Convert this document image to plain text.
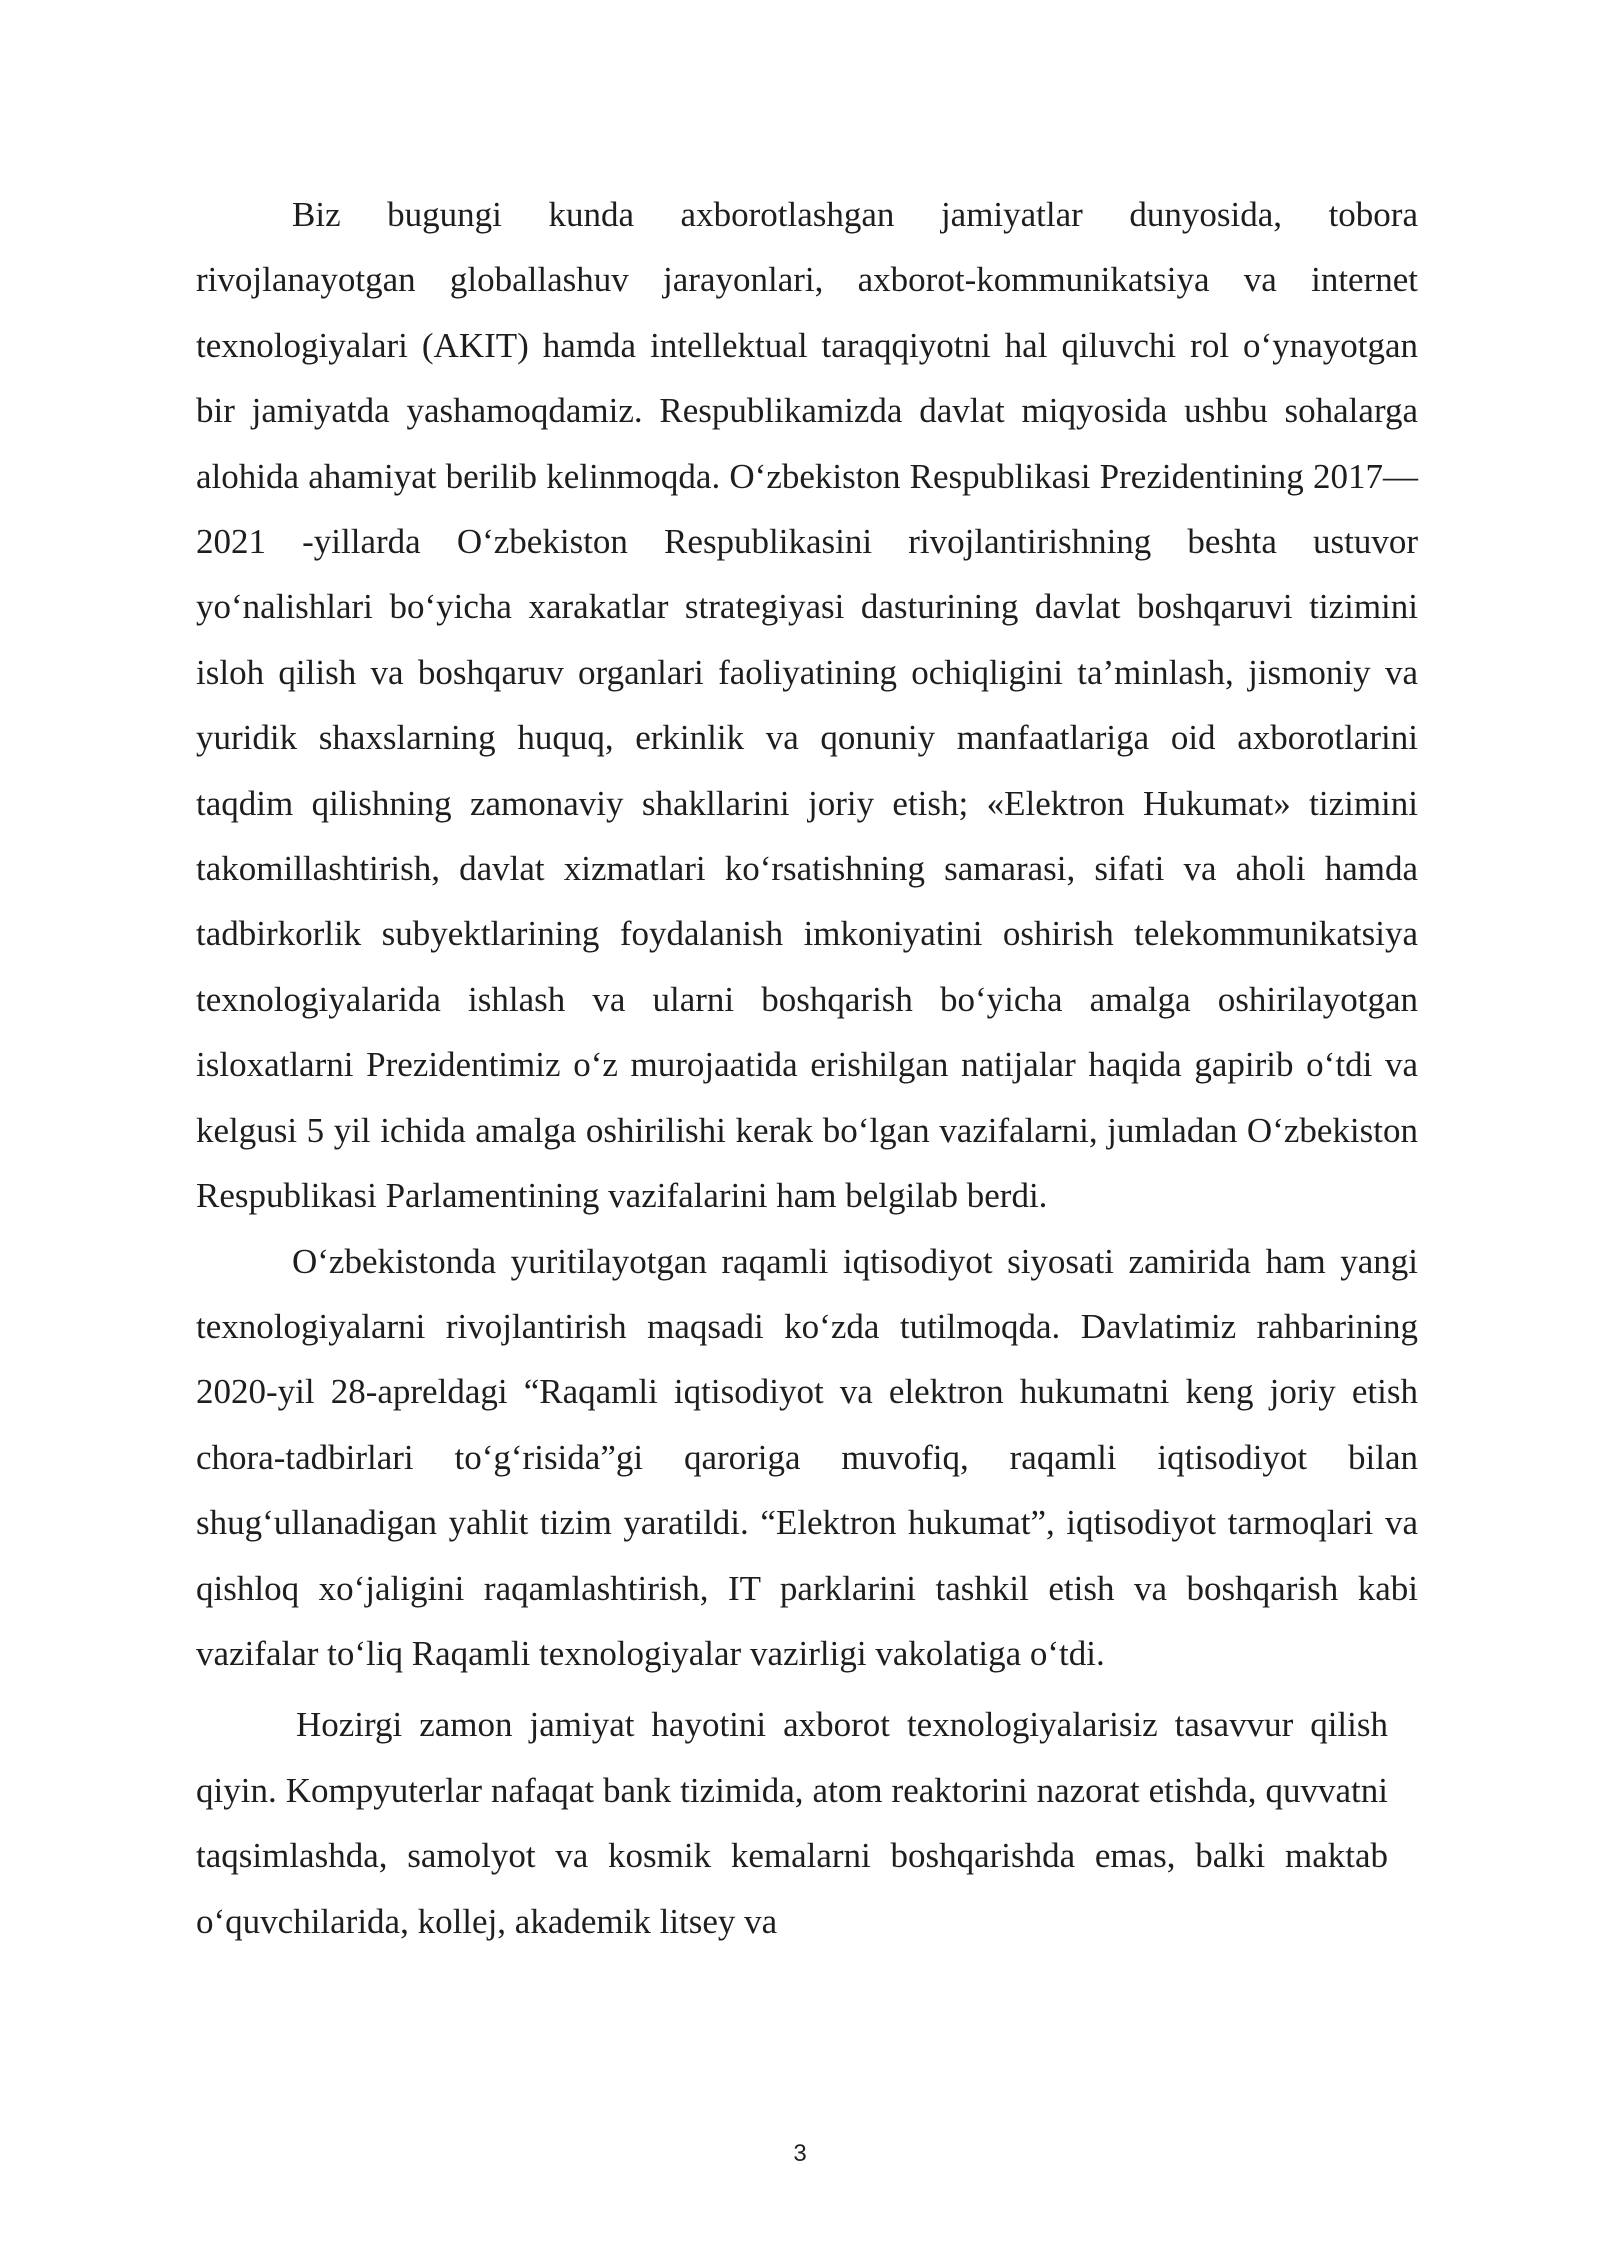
Biz bugungi kunda axborotlashgan jamiyatlar dunyosida, tobora rivojlanayotgan globallashuv jarayonlari, axborot-kommunikatsiya va internet texnologiyalari (AKIT) hamda intellektual taraqqiyotni hal qiluvchi rol o‘ynayotgan bir jamiyatda yashamoqdamiz. Respublikamizda davlat miqyosida ushbu sohalarga alohida ahamiyat berilib kelinmoqda. O‘zbekiston Respublikasi Prezidentining 2017—2021 -yillarda O‘zbekiston Respublikasini rivojlantirishning beshta ustuvor yo‘nalishlari bo‘yicha xarakatlar strategiyasi dasturining davlat boshqaruvi tizimini isloh qilish va boshqaruv organlari faoliyatining ochiqligini ta’minlash, jismoniy va yuridik shaxslarning huquq, erkinlik va qonuniy manfaatlariga oid axborotlarini taqdim qilishning zamonaviy shakllarini joriy etish; «Elektron Hukumat» tizimini takomillashtirish, davlat xizmatlari ko‘rsatishning samarasi, sifati va aholi hamda tadbirkorlik subyektlarining foydalanish imkoniyatini oshirish telekommunikatsiya texnologiyalarida ishlash va ularni boshqarish bo‘yicha amalga oshirilayotgan isloxatlarni Prezidentimiz o‘z murojaatida erishilgan natijalar haqida gapirib o‘tdi va kelgusi 5 yil ichida amalga oshirilishi kerak bo‘lgan vazifalarni, jumladan O‘zbekiston Respublikasi Parlamentining vazifalarini ham belgilab berdi.

O‘zbekistonda yuritilayotgan raqamli iqtisodiyot siyosati zamirida ham yangi texnologiyalarni rivojlantirish maqsadi ko‘zda tutilmoqda. Davlatimiz rahbarining 2020-yil 28-apreldagi “Raqamli iqtisodiyot va elektron hukumatni keng joriy etish chora-tadbirlari to‘g‘risida”gi qaroriga muvofiq, raqamli iqtisodiyot bilan shug‘ullanadigan yahlit tizim yaratildi. “Elektron hukumat”, iqtisodiyot tarmoqlari va qishloq xo‘jaligini raqamlashtirish, IT parklarini tashkil etish va boshqarish kabi vazifalar to‘liq Raqamli texnologiyalar vazirligi vakolatiga o‘tdi.

Hozirgi zamon jamiyat hayotini axborot texnologiyalarisiz tasavvur qilish qiyin. Kompyuterlar nafaqat bank tizimida, atom reaktorini nazorat etishda, quvvatni taqsimlashda, samolyot va kosmik kemalarni boshqarishda emas, balki maktab o‘quvchilarida, kollej, akademik litsey va

3
